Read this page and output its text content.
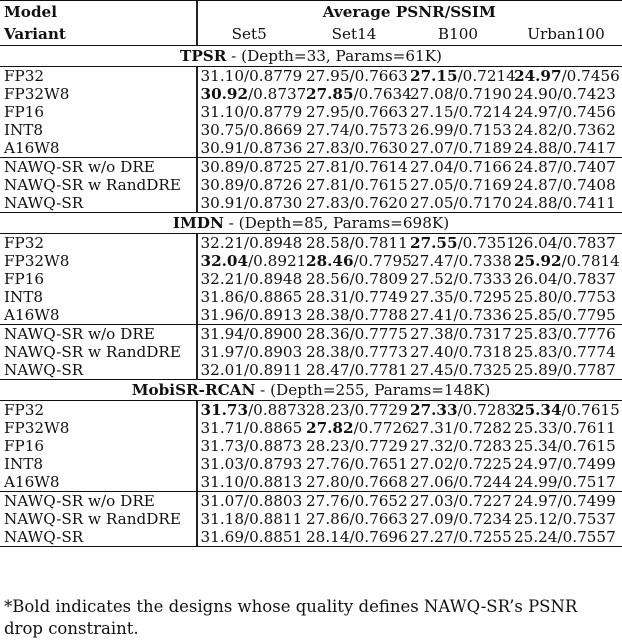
Model	Average PSNR/SSIM			
Variant	Set5	Set14	B100	Urban100
TPSR - (Depth=33, Params=61K)				
FP32	31.10/0.8779	27.95/0.7663	27.15/0.7214	24.97/0.7456
FP32W8	30.92/0.8737	27.85/0.7634	27.08/0.7190	24.90/0.7423
FP16	31.10/0.8779	27.95/0.7663	27.15/0.7214	24.97/0.7456
INT8	30.75/0.8669	27.74/0.7573	26.99/0.7153	24.82/0.7362
A16W8	30.91/0.8736	27.83/0.7630	27.07/0.7189	24.88/0.7417
NAWQ-SR w/o DRE	30.89/0.8725	27.81/0.7614	27.04/0.7166	24.87/0.7407
NAWQ-SR w RandDRE	30.89/0.8726	27.81/0.7615	27.05/0.7169	24.87/0.7408
NAWQ-SR	30.91/0.8730	27.83/0.7620	27.05/0.7170	24.88/0.7411
IMDN - (Depth=85, Params=698K)				
FP32	32.21/0.8948	28.58/0.7811	27.55/0.7351	26.04/0.7837
FP32W8	32.04/0.8921	28.46/0.7795	27.47/0.7338	25.92/0.7814
FP16	32.21/0.8948	28.56/0.7809	27.52/0.7333	26.04/0.7837
INT8	31.86/0.8865	28.31/0.7749	27.35/0.7295	25.80/0.7753
A16W8	31.96/0.8913	28.38/0.7788	27.41/0.7336	25.85/0.7795
NAWQ-SR w/o DRE	31.94/0.8900	28.36/0.7775	27.38/0.7317	25.83/0.7776
NAWQ-SR w RandDRE	31.97/0.8903	28.38/0.7773	27.40/0.7318	25.83/0.7774
NAWQ-SR	32.01/0.8911	28.47/0.7781	27.45/0.7325	25.89/0.7787
MobiSR-RCAN - (Depth=255, Params=148K)				
FP32	31.73/0.8873	28.23/0.7729	27.33/0.7283	25.34/0.7615
FP32W8	31.71/0.8865	27.82/0.7726	27.31/0.7282	25.33/0.7611
FP16	31.73/0.8873	28.23/0.7729	27.32/0.7283	25.34/0.7615
INT8	31.03/0.8793	27.76/0.7651	27.02/0.7225	24.97/0.7499
A16W8	31.10/0.8813	27.80/0.7668	27.06/0.7244	24.99/0.7517
NAWQ-SR w/o DRE	31.07/0.8803	27.76/0.7652	27.03/0.7227	24.97/0.7499
NAWQ-SR w RandDRE	31.18/0.8811	27.86/0.7663	27.09/0.7234	25.12/0.7537
NAWQ-SR	31.69/0.8851	28.14/0.7696	27.27/0.7255	25.24/0.7557
*Bold indicates the designs whose quality defines NAWQ-SR’s PSNR drop constraint.
